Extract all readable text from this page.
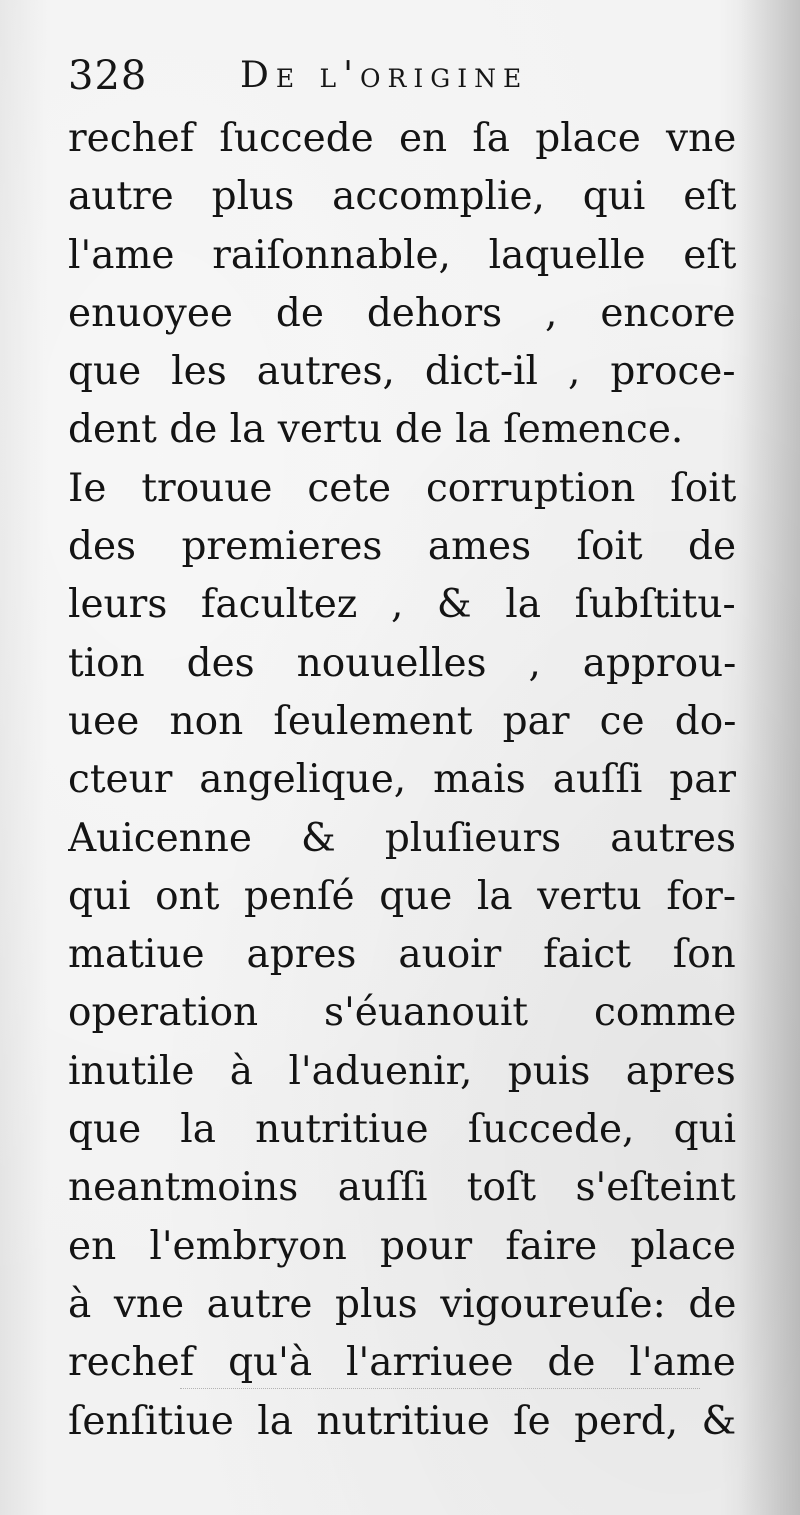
328	De l'origine
rechef ſuccede en ſa place vne
autre plus accomplie, qui eſt
l'ame raiſonnable, laquelle eſt
enuoyee de dehors , encore
que les autres, dict-il , proce-
dent de la vertu de la ſemence.
Ie trouue cete corruption ſoit
des premieres ames ſoit de
leurs facultez , & la ſubſtitu-
tion des nouuelles , approu-
uee non ſeulement par ce do-
cteur angelique, mais auſſi par
Auicenne & pluſieurs autres
qui ont penſé que la vertu for-
matiue apres auoir faict ſon
operation s'éuanouit comme
inutile à l'aduenir, puis apres
que la nutritiue ſuccede, qui
neantmoins auſſi toſt s'eſteint
en l'embryon pour faire place
à vne autre plus vigoureuſe: de
rechef qu'à l'arriuee de l'ame
ſenſitiue la nutritiue ſe perd, &
